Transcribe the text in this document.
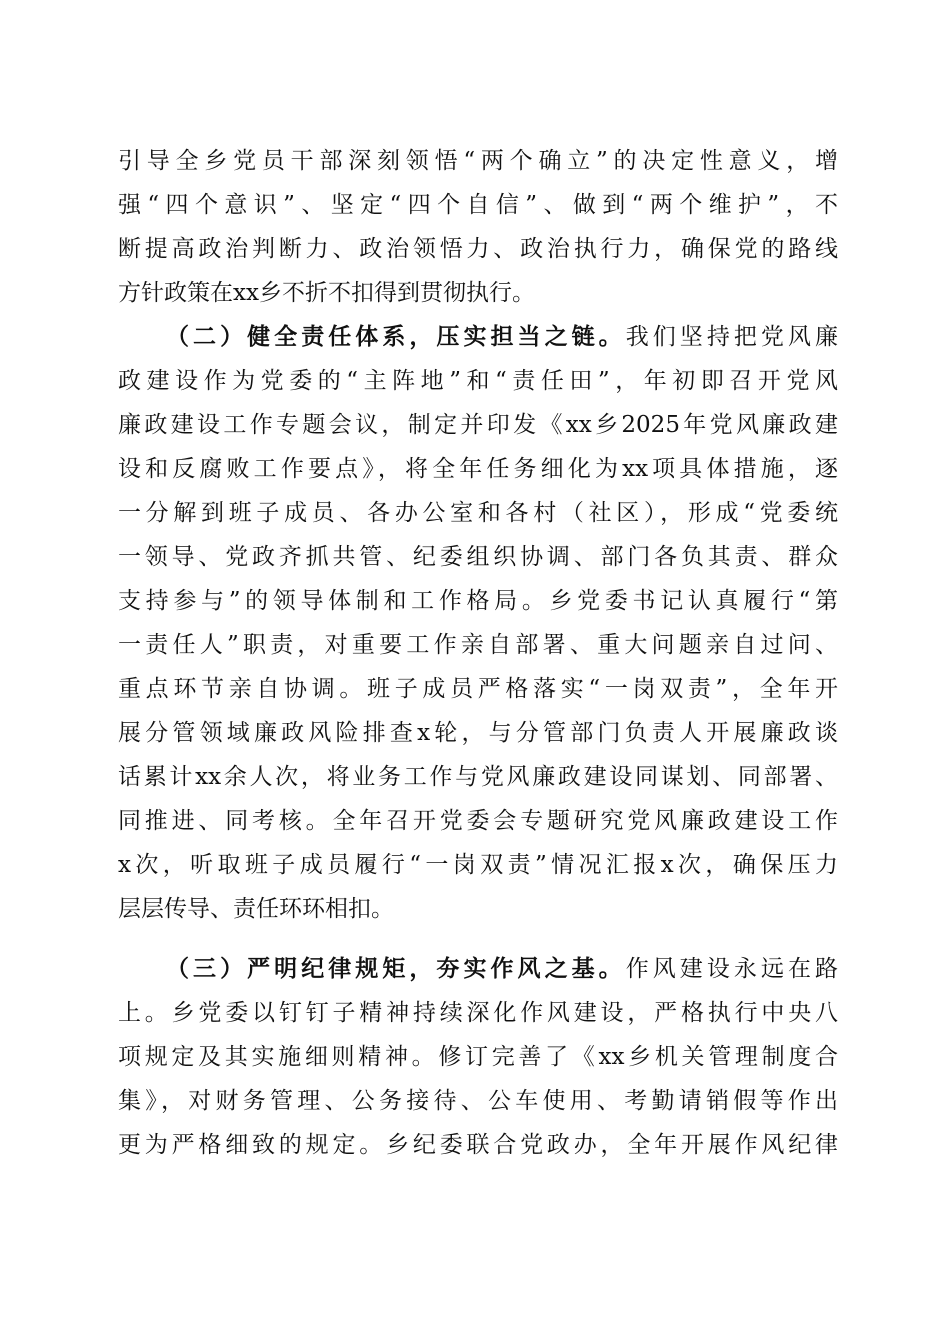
引导全乡党员干部深刻领悟“两个确立”的决定性意义，增
强“四个意识”、坚定“四个自信”、做到“两个维护”，不
断提高政治判断力、政治领悟力、政治执行力，确保党的路线
方针政策在xx乡不折不扣得到贯彻执行。
（二）健全责任体系，压实担当之链。我们坚持把党风廉
政建设作为党委的“主阵地”和“责任田”，年初即召开党风
廉政建设工作专题会议，制定并印发《xx乡2025年党风廉政建
设和反腐败工作要点》，将全年任务细化为xx项具体措施，逐
一分解到班子成员、各办公室和各村（社区），形成“党委统
一领导、党政齐抓共管、纪委组织协调、部门各负其责、群众
支持参与”的领导体制和工作格局。乡党委书记认真履行“第
一责任人”职责，对重要工作亲自部署、重大问题亲自过问、
重点环节亲自协调。班子成员严格落实“一岗双责”，全年开
展分管领域廉政风险排查x轮，与分管部门负责人开展廉政谈
话累计xx余人次，将业务工作与党风廉政建设同谋划、同部署、
同推进、同考核。全年召开党委会专题研究党风廉政建设工作
x次，听取班子成员履行“一岗双责”情况汇报x次，确保压力
层层传导、责任环环相扣。
（三）严明纪律规矩，夯实作风之基。作风建设永远在路
上。乡党委以钉钉子精神持续深化作风建设，严格执行中央八
项规定及其实施细则精神。修订完善了《xx乡机关管理制度合
集》，对财务管理、公务接待、公车使用、考勤请销假等作出
更为严格细致的规定。乡纪委联合党政办，全年开展作风纪律
